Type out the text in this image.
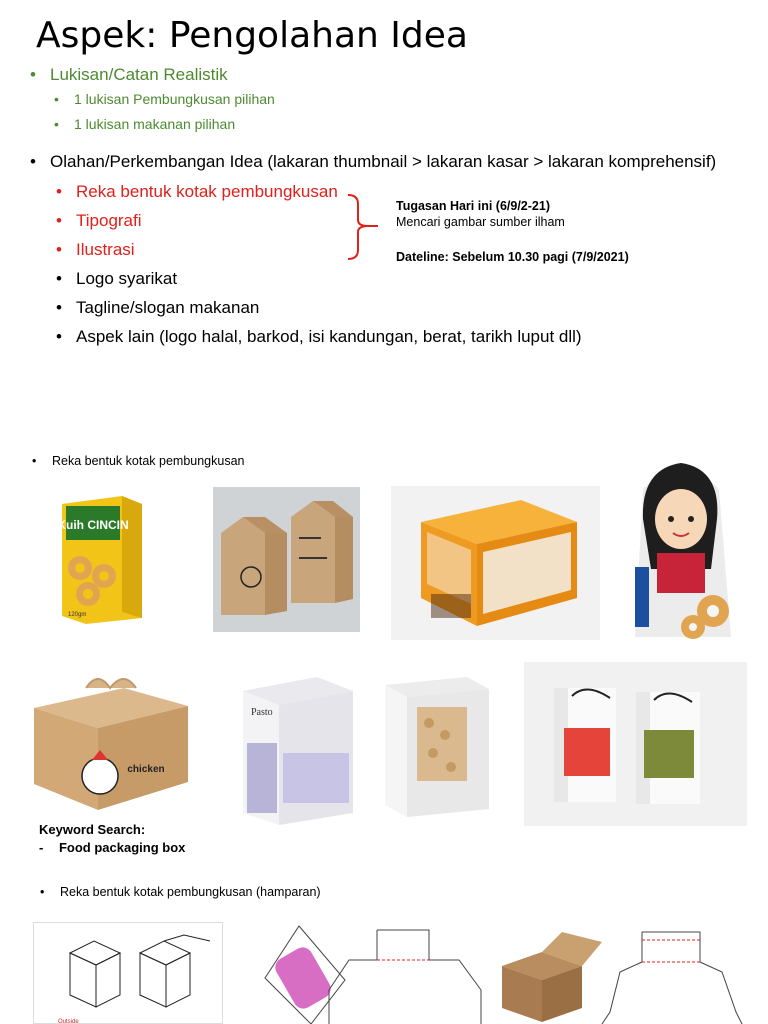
Aspek: Pengolahan Idea
• Lukisan/Catan Realistik
• 1 lukisan Pembungkusan pilihan
• 1 lukisan makanan pilihan
• Olahan/Perkembangan Idea (lakaran thumbnail > lakaran kasar > lakaran komprehensif)
• Reka bentuk kotak pembungkusan
• Tipografi
• Ilustrasi
• Logo syarikat
• Tagline/slogan makanan
• Aspek lain (logo halal, barkod, isi kandungan, berat, tarikh luput dll)
Tugasan Hari ini (6/9/2-21)
Mencari gambar sumber ilham
Dateline: Sebelum 10.30 pagi (7/9/2021)
• Reka bentuk kotak pembungkusan
Kuih CINCIN
120gm
chicken
Pasto
Keyword Search:
- Food packaging box
• Reka bentuk kotak pembungkusan (hamparan)
Outside
